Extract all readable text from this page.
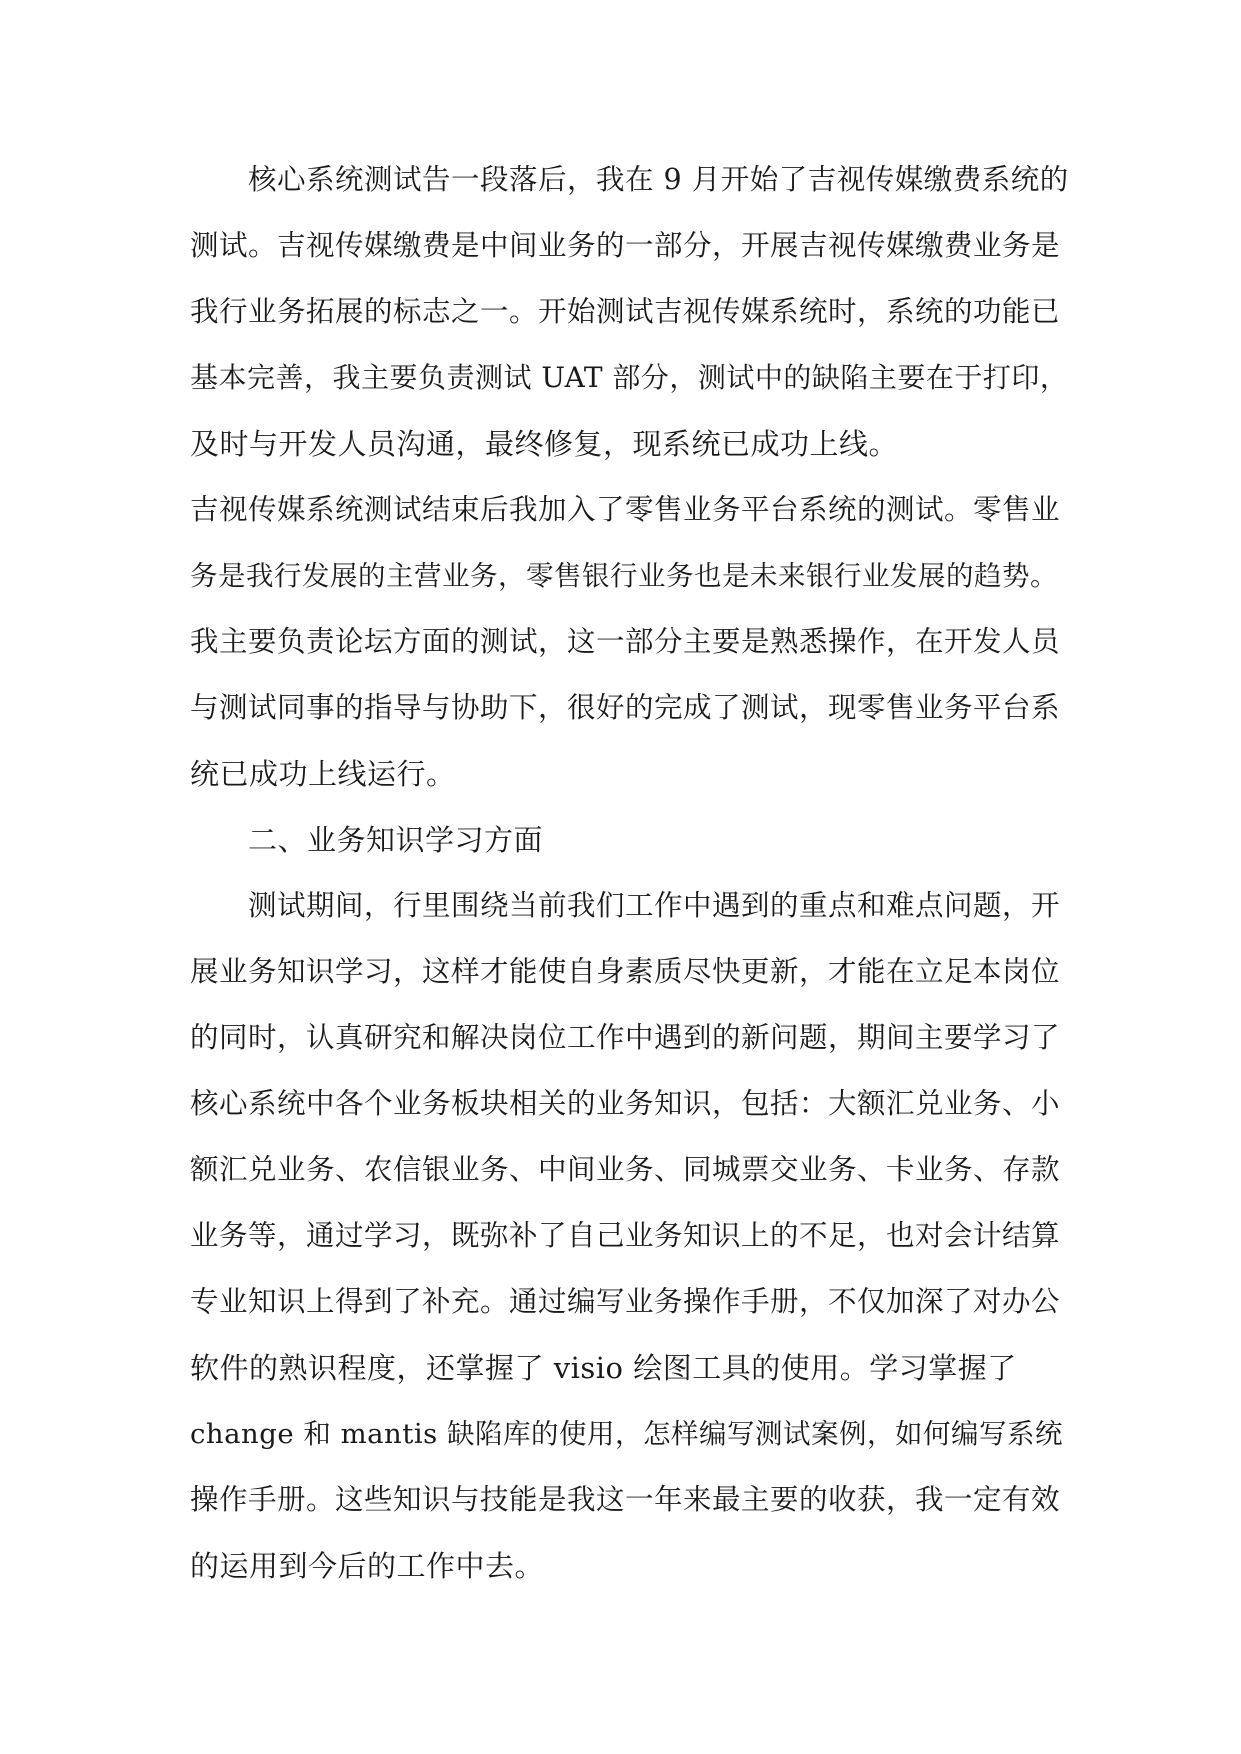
核心系统测试告一段落后，我在 9 月开始了吉视传媒缴费系统的

测试。吉视传媒缴费是中间业务的一部分，开展吉视传媒缴费业务是

我行业务拓展的标志之一。开始测试吉视传媒系统时，系统的功能已

基本完善，我主要负责测试 UAT 部分，测试中的缺陷主要在于打印，

及时与开发人员沟通，最终修复，现系统已成功上线。

吉视传媒系统测试结束后我加入了零售业务平台系统的测试。零售业

务是我行发展的主营业务，零售银行业务也是未来银行业发展的趋势。

我主要负责论坛方面的测试，这一部分主要是熟悉操作，在开发人员

与测试同事的指导与协助下，很好的完成了测试，现零售业务平台系

统已成功上线运行。

二、业务知识学习方面

测试期间，行里围绕当前我们工作中遇到的重点和难点问题，开

展业务知识学习，这样才能使自身素质尽快更新，才能在立足本岗位

的同时，认真研究和解决岗位工作中遇到的新问题，期间主要学习了

核心系统中各个业务板块相关的业务知识，包括：大额汇兑业务、小

额汇兑业务、农信银业务、中间业务、同城票交业务、卡业务、存款

业务等，通过学习，既弥补了自己业务知识上的不足，也对会计结算

专业知识上得到了补充。通过编写业务操作手册，不仅加深了对办公

软件的熟识程度，还掌握了 visio 绘图工具的使用。学习掌握了

change 和 mantis 缺陷库的使用，怎样编写测试案例，如何编写系统

操作手册。这些知识与技能是我这一年来最主要的收获，我一定有效

的运用到今后的工作中去。
